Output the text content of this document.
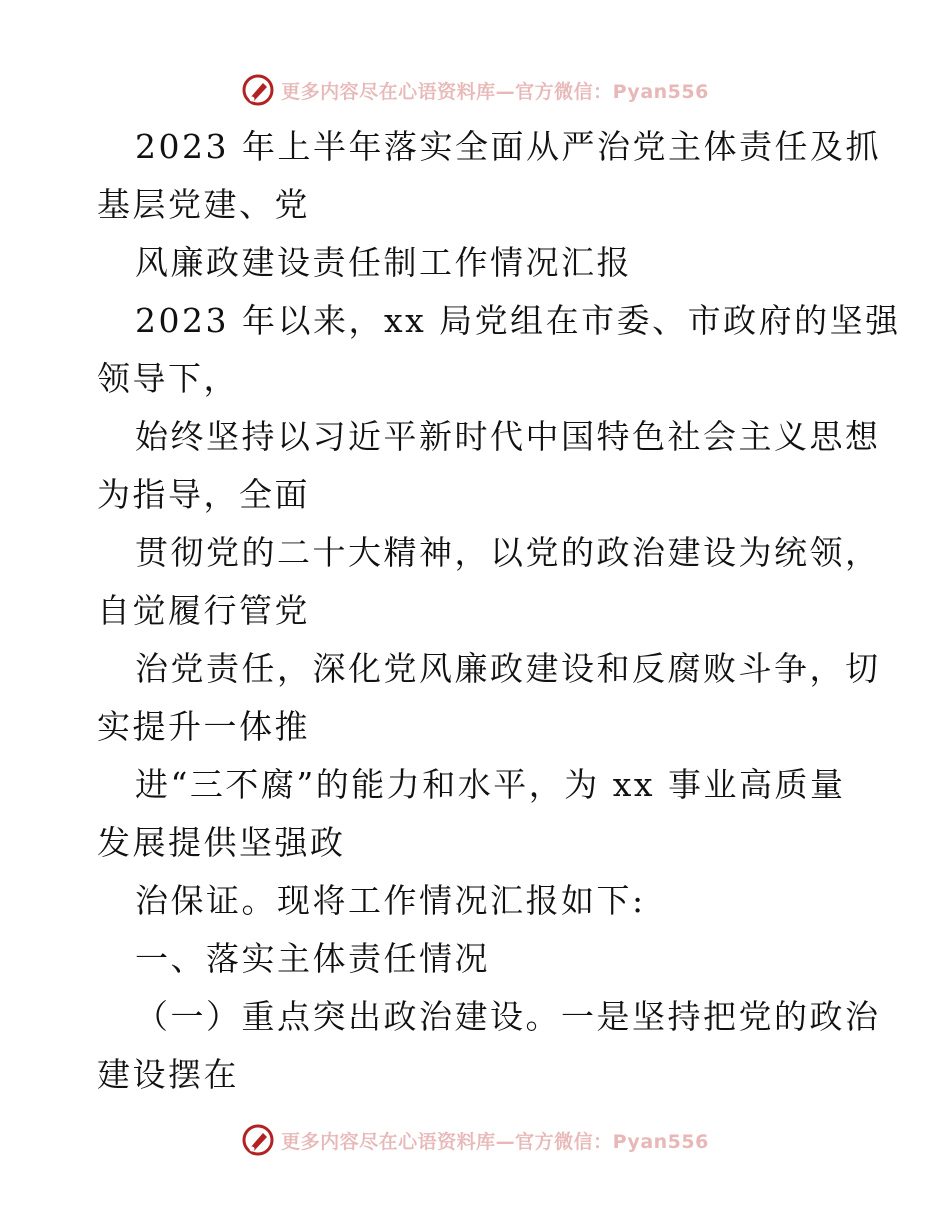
更多内容尽在心语资料库—官方微信：Pyan556
2023 年上半年落实全面从严治党主体责任及抓
基层党建、党
风廉政建设责任制工作情况汇报
2023 年以来，xx 局党组在市委、市政府的坚强
领导下，
始终坚持以习近平新时代中国特色社会主义思想
为指导，全面
贯彻党的二十大精神，以党的政治建设为统领，
自觉履行管党
治党责任，深化党风廉政建设和反腐败斗争，切
实提升一体推
进“三不腐”的能力和水平，为 xx 事业高质量
发展提供坚强政
治保证。现将工作情况汇报如下:
一、落实主体责任情况
（一）重点突出政治建设。一是坚持把党的政治
建设摆在
更多内容尽在心语资料库—官方微信：Pyan556
